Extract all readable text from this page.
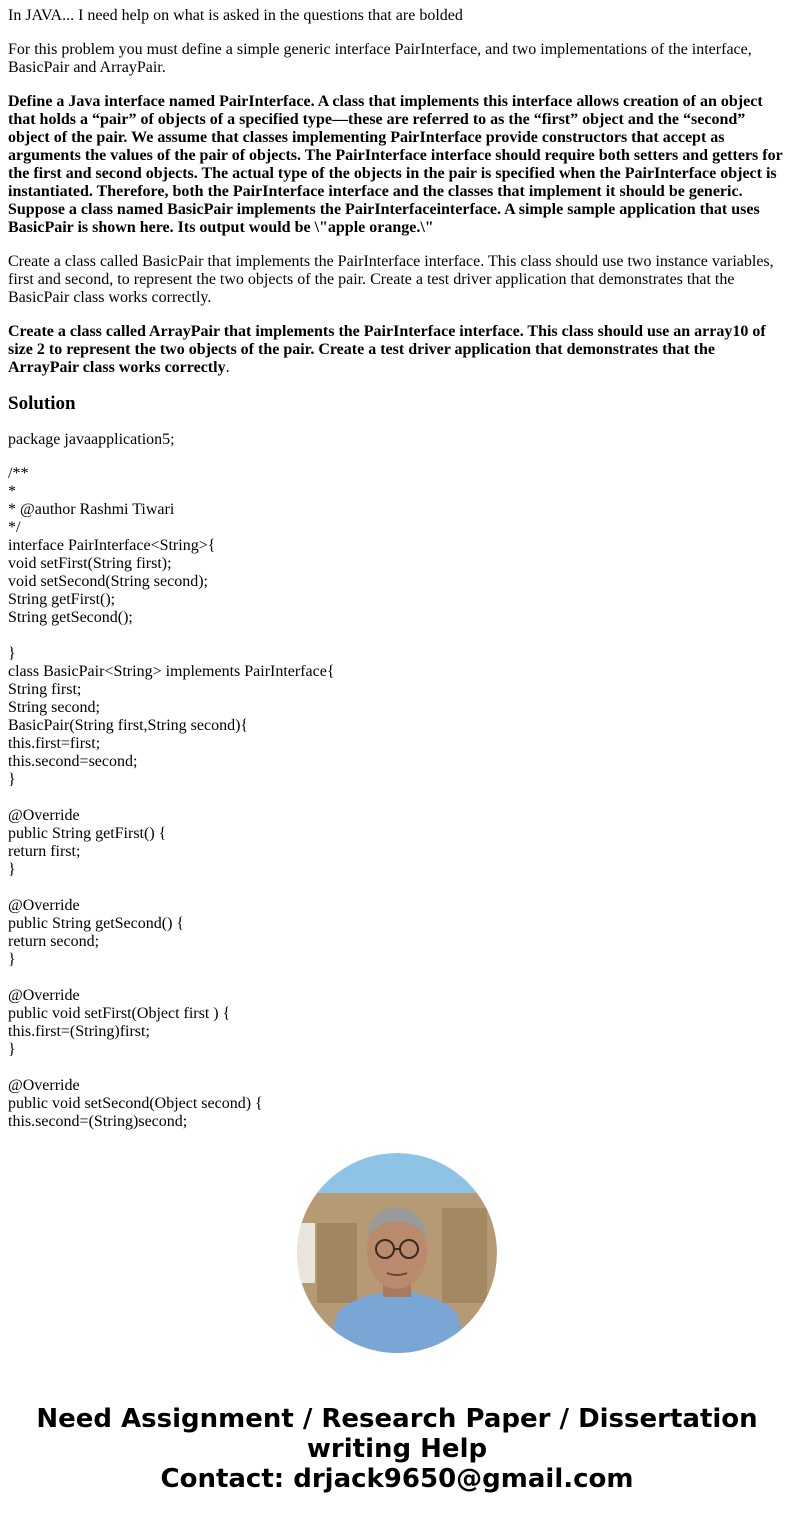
In JAVA... I need help on what is asked in the questions that are bolded

For this problem you must define a simple generic interface PairInterface, and two implementations of the interface, BasicPair and ArrayPair.

Define a Java interface named PairInterface. A class that implements this interface allows creation of an object that holds a “pair” of objects of a specified type—these are referred to as the “first” object and the “second” object of the pair. We assume that classes implementing PairInterface provide constructors that accept as arguments the values of the pair of objects. The PairInterface interface should require both setters and getters for the first and second objects. The actual type of the objects in the pair is specified when the PairInterface object is instantiated. Therefore, both the PairInterface interface and the classes that implement it should be generic. Suppose a class named BasicPair implements the PairInterfaceinterface. A simple sample application that uses BasicPair is shown here. Its output would be \"apple orange.\"

Create a class called BasicPair that implements the PairInterface interface. This class should use two instance variables, first and second, to represent the two objects of the pair. Create a test driver application that demonstrates that the BasicPair class works correctly.

Create a class called ArrayPair that implements the PairInterface interface. This class should use an array10 of size 2 to represent the two objects of the pair. Create a test driver application that demonstrates that the ArrayPair class works correctly.

Solution

package javaapplication5;

/**
*
* @author Rashmi Tiwari
*/
interface PairInterface<String>{
void setFirst(String first);
void setSecond(String second);
String getFirst();
String getSecond();
}
class BasicPair<String> implements PairInterface{
String first;
String second;
BasicPair(String first,String second){
this.first=first;
this.second=second;
}
@Override
public String getFirst() {
return first;
}
@Override
public String getSecond() {
return second;
}
@Override
public void setFirst(Object first ) {
this.first=(String)first;
}
@Override
public void setSecond(Object second) {
this.second=(String)second;
Need Assignment / Research Paper / Dissertation
writing Help
Contact: drjack9650@gmail.com
